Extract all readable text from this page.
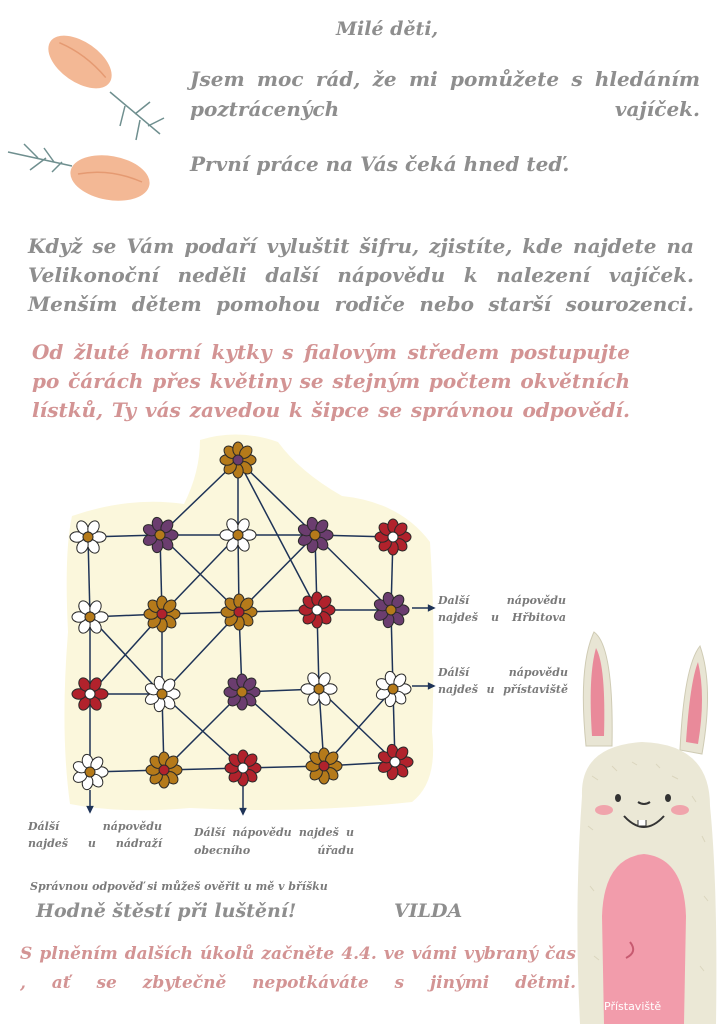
Milé děti,
Jsem moc rád, že mi pomůžete s hledáním poztrácených vajíček.
První práce na Vás čeká hned teď.
Když se Vám podaří vyluštit šifru, zjistíte, kde najdete na Velikonoční neděli další nápovědu k nalezení vajíček. Menším dětem pomohou rodiče nebo starší sourozenci.
Od žluté horní kytky s fialovým středem postupujte po čárách přes květiny se stejným počtem okvětních lístků, Ty vás zavedou k šipce se správnou odpovědí.
Další nápovědu najdeš u Hřbitova
Dálší nápovědu najdeš u přístaviště
Dálší nápovědu najdeš u nádraží
Dálší nápovědu najdeš u obecního úřadu
Správnou odpověď si můžeš ověřit u mě v bříšku
Hodně štěstí při luštění!	VILDA
S plněním dalších úkolů začněte 4.4. ve vámi vybraný čas , ať se zbytečně nepotkáváte s jinými dětmi.
Přístaviště
